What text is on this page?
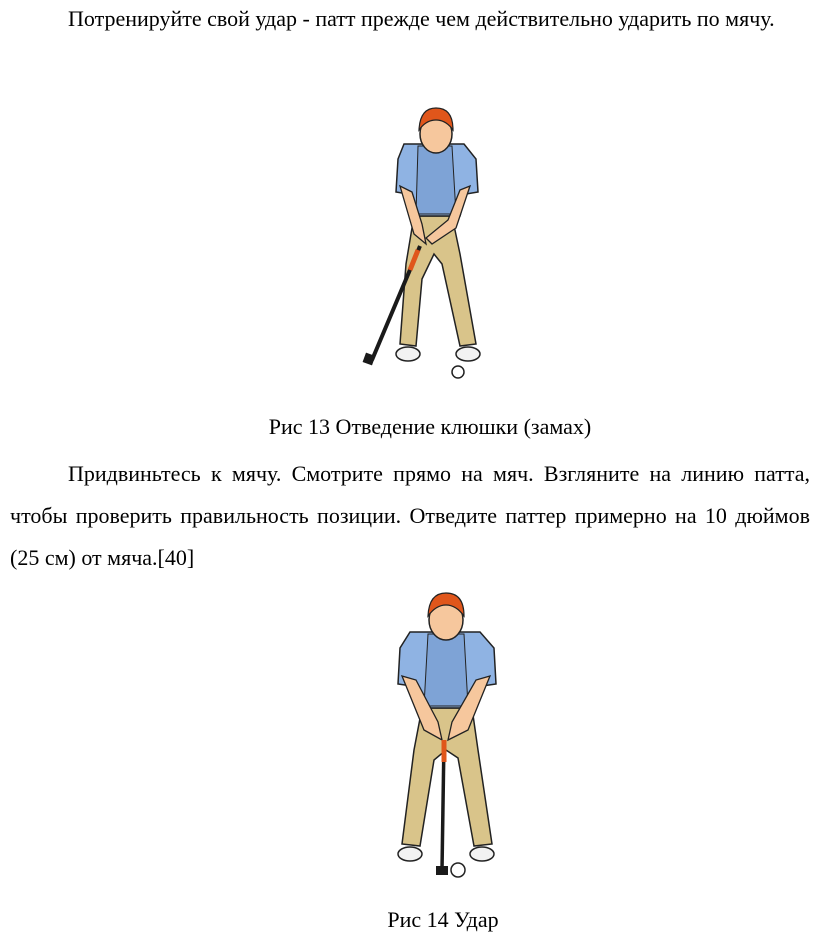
Потренируйте свой удар - патт прежде чем действительно ударить по мячу.

Рис 13 Отведение клюшки (замах)

Придвиньтесь к мячу. Смотрите прямо на мяч. Взгляните на линию патта, чтобы проверить правильность позиции. Отведите паттер примерно на 10 дюймов (25 см) от мяча.[40]

Рис 14 Удар
